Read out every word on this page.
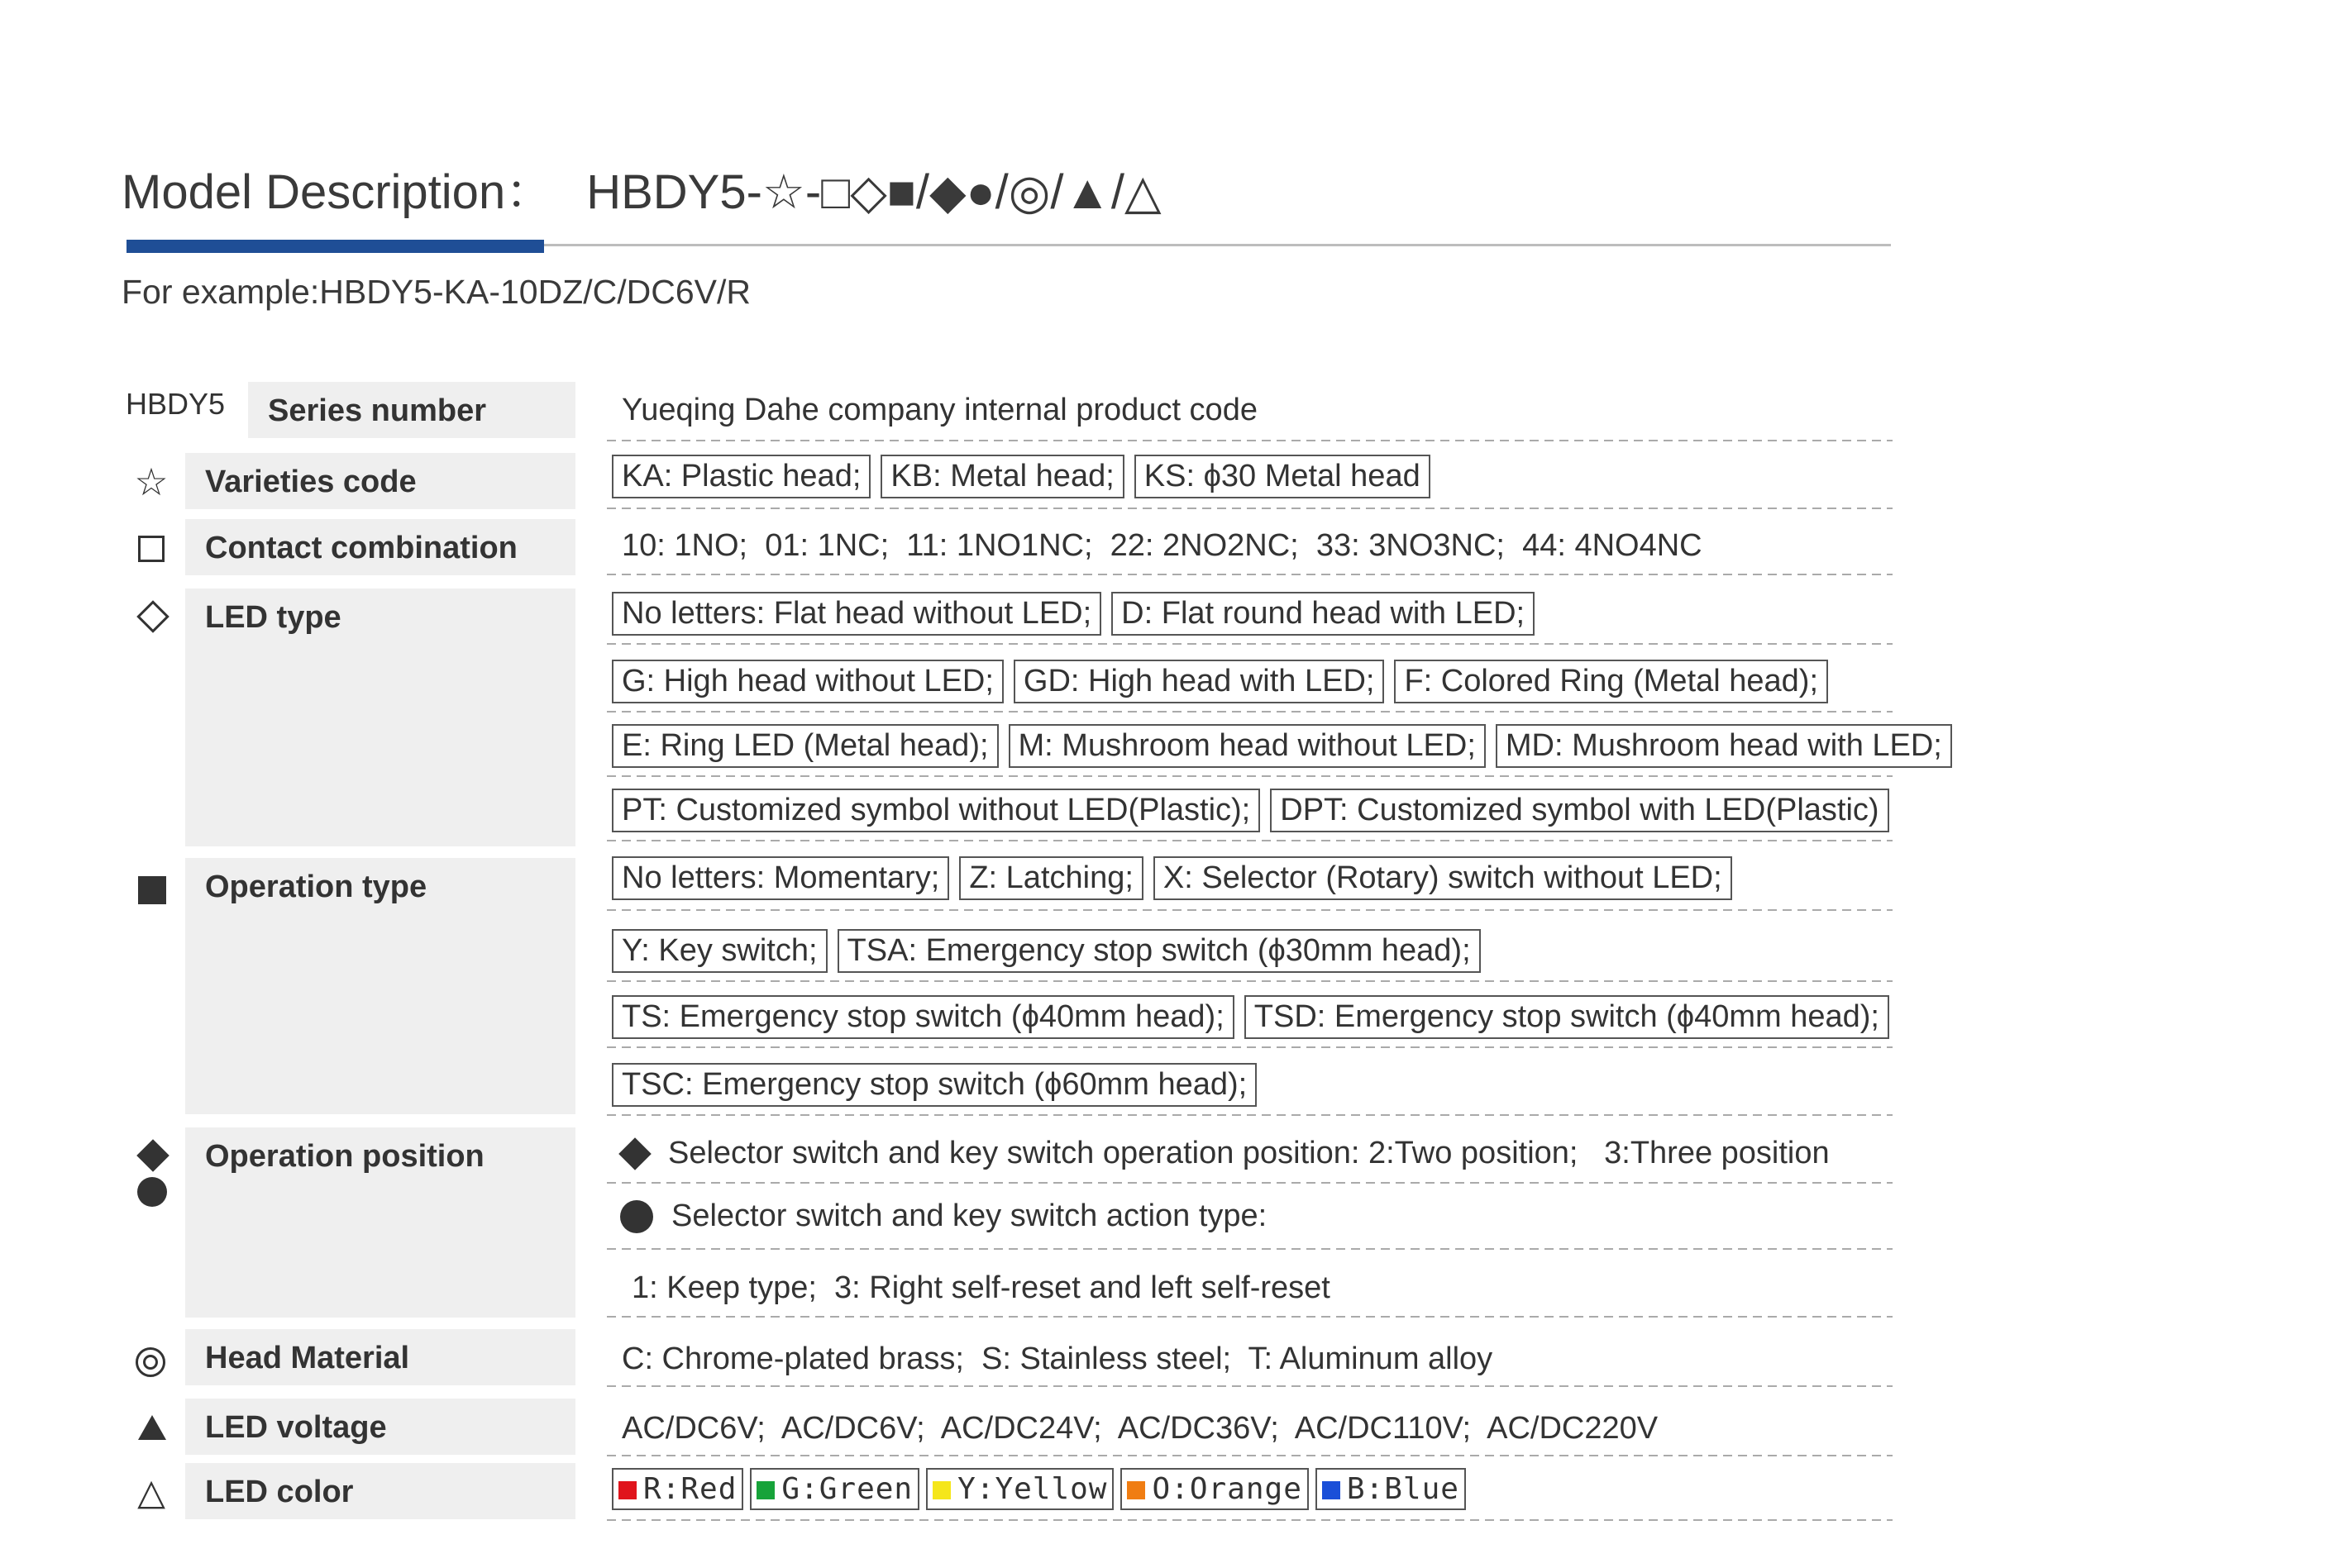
Model Description： HBDY5-☆-□◇■/◆●/◎/▲/△
For example:HBDY5-KA-10DZ/C/DC6V/R
HBDY5 Series number	Yueqing Dahe company internal product code
☆ Varieties code	KA: Plastic head; KB: Metal head; KS: ϕ30 Metal head
Contact combination	10: 1NO;  01: 1NC;  11: 1NO1NC;  22: 2NO2NC;  33: 3NO3NC;  44: 4NO4NC
LED type	No letters: Flat head without LED; D: Flat round head with LED;
G: High head without LED; GD: High head with LED; F: Colored Ring (Metal head);
E: Ring LED (Metal head); M: Mushroom head without LED; MD: Mushroom head with LED;
PT: Customized symbol without LED(Plastic); DPT: Customized symbol with LED(Plastic)
Operation type	No letters: Momentary; Z: Latching; X: Selector (Rotary) switch without LED;
Y: Key switch; TSA: Emergency stop switch (ϕ30mm head);
TS: Emergency stop switch (ϕ40mm head); TSD: Emergency stop switch (ϕ40mm head);
TSC: Emergency stop switch (ϕ60mm head);
Operation position	Selector switch and key switch operation position: 2:Two position;   3:Three position
Selector switch and key switch action type:
1: Keep type;  3: Right self-reset and left self-reset
Head Material	C: Chrome-plated brass;  S: Stainless steel;  T: Aluminum alloy
LED voltage	AC/DC6V;  AC/DC6V;  AC/DC24V;  AC/DC36V;  AC/DC110V;  AC/DC220V
△ LED color	R:Red	G:Green	Y:Yellow	O:Orange	B:Blue
